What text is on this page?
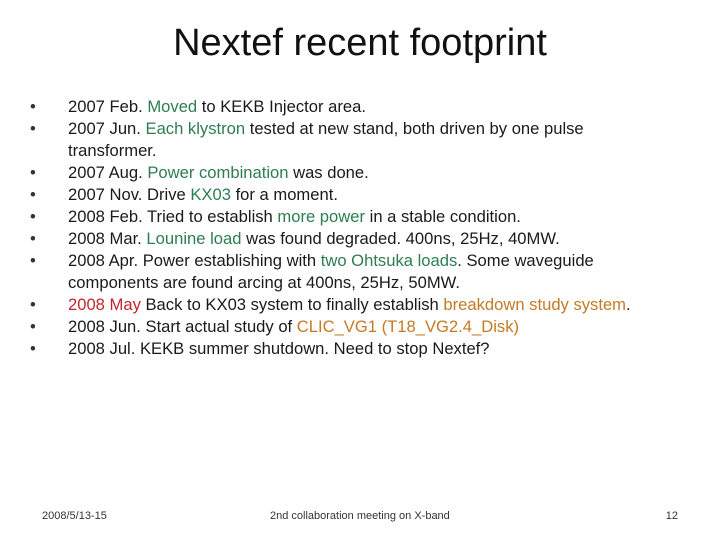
Nextef recent footprint
•	2007 Feb. Moved to KEKB Injector area.
•	2007 Jun. Each klystron tested at new stand, both driven by one pulse transformer.
•	2007 Aug. Power combination was done.
•	2007 Nov. Drive KX03 for a moment.
•	2008 Feb. Tried to establish more power in a stable condition.
•	2008 Mar. Lounine load was found degraded. 400ns, 25Hz, 40MW.
•	2008 Apr. Power establishing with two Ohtsuka loads. Some waveguide components are found arcing at 400ns, 25Hz, 50MW.
•	2008 May Back to KX03 system to finally establish breakdown study system.
•	2008 Jun. Start actual study of CLIC_VG1 (T18_VG2.4_Disk)
•	2008 Jul. KEKB summer shutdown. Need to stop Nextef?
2008/5/13-15	2nd collaboration meeting on X-band	12
